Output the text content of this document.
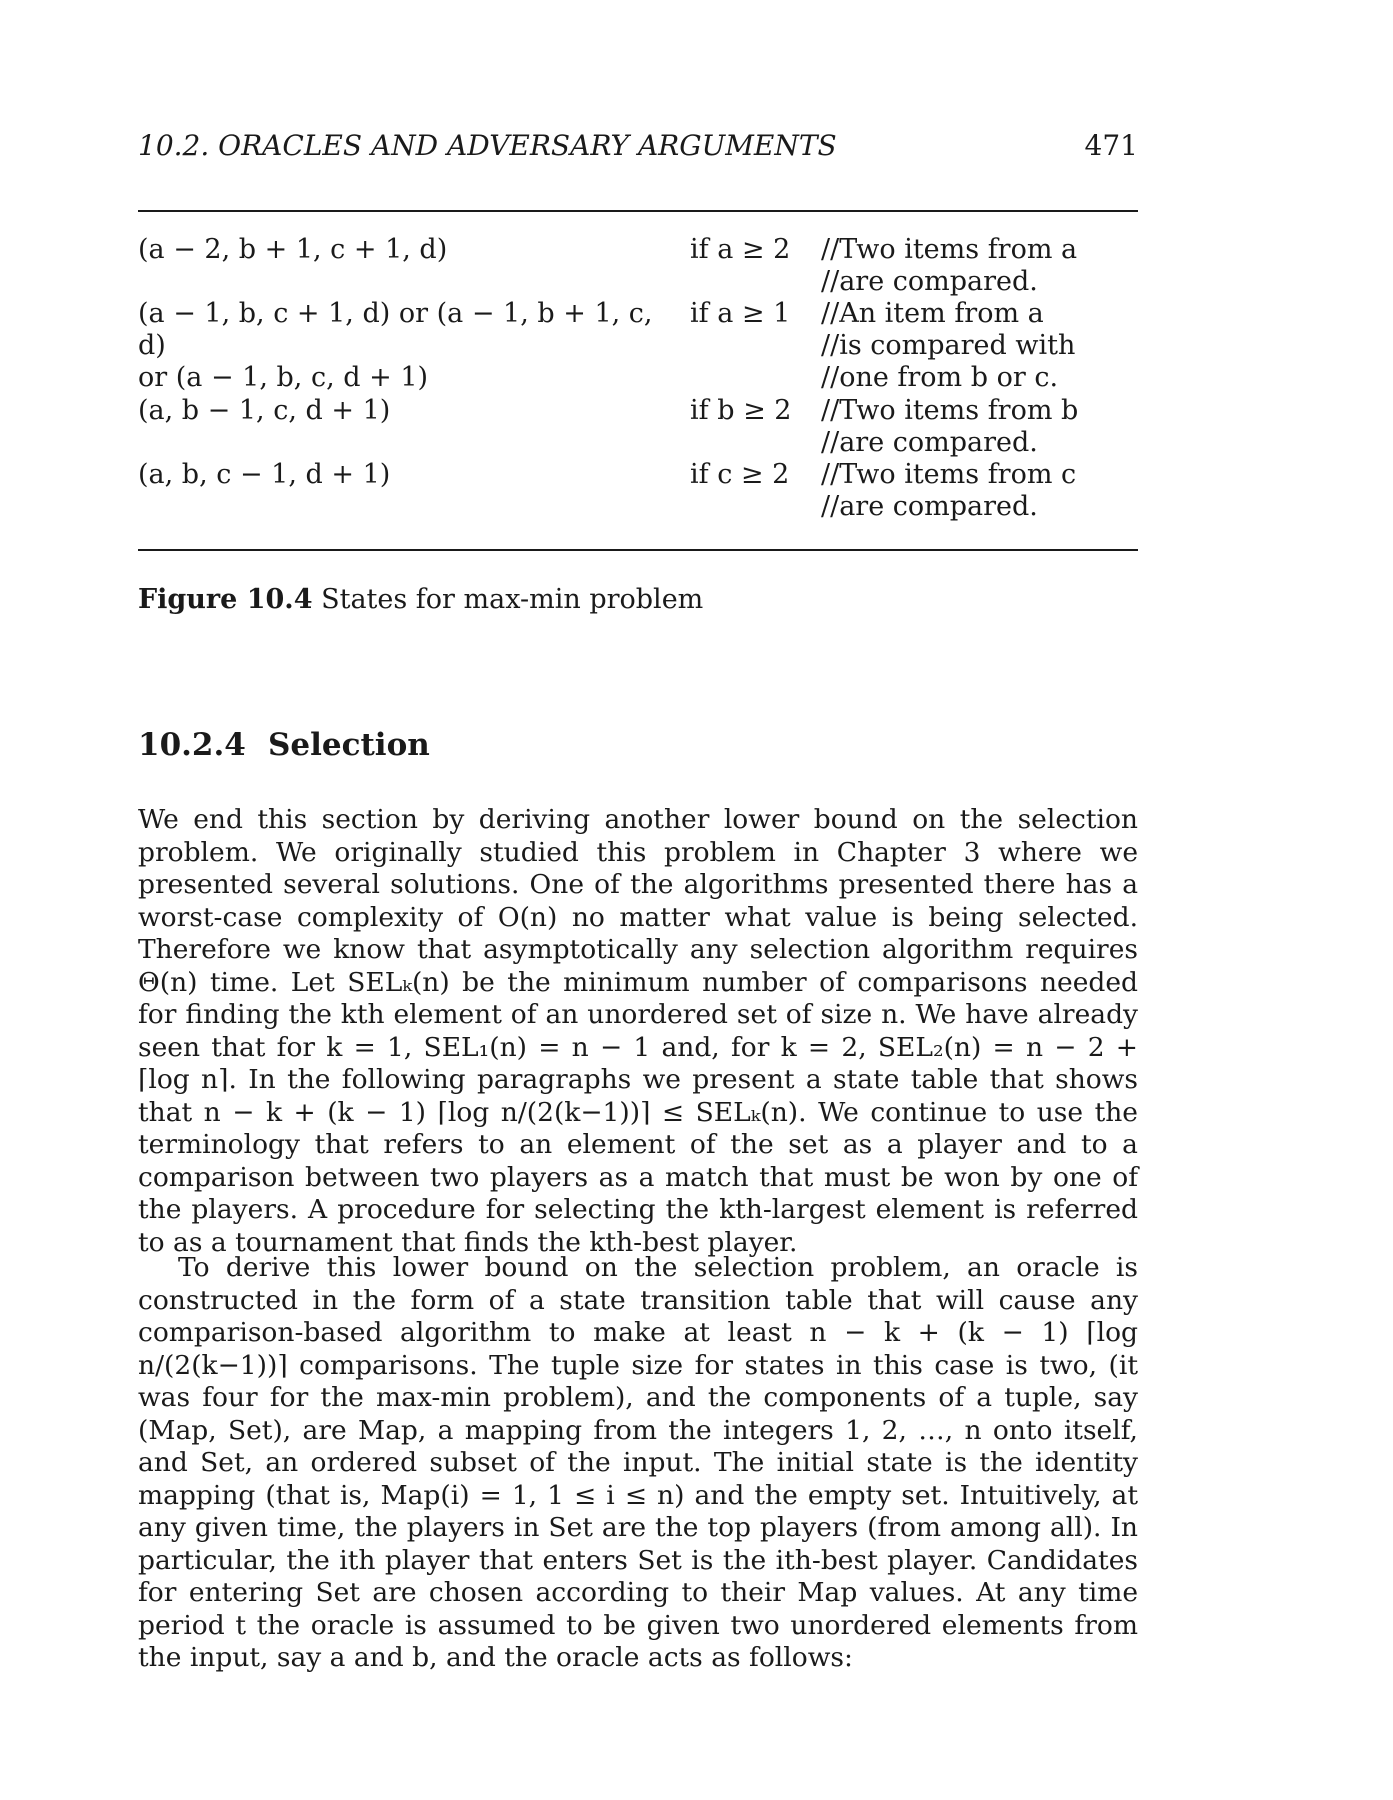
10.2. ORACLES AND ADVERSARY ARGUMENTS	471
(a − 2, b + 1, c + 1, d)	if a ≥ 2	//Two items from a
//are compared.
(a − 1, b, c + 1, d) or (a − 1, b + 1, c, d)
or (a − 1, b, c, d + 1)
if a ≥ 1	//An item from a
//is compared with
//one from b or c.
(a, b − 1, c, d + 1)	if b ≥ 2	//Two items from b
//are compared.
(a, b, c − 1, d + 1)	if c ≥ 2	//Two items from c
//are compared.
Figure 10.4 States for max-min problem
10.2.4 Selection

We end this section by deriving another lower bound on the selection problem. We originally studied this problem in Chapter 3 where we presented several solutions. One of the algorithms presented there has a worst-case complexity of O(n) no matter what value is being selected. Therefore we know that asymptotically any selection algorithm requires Θ(n) time. Let SELₖ(n) be the minimum number of comparisons needed for finding the kth element of an unordered set of size n. We have already seen that for k = 1, SEL₁(n) = n − 1 and, for k = 2, SEL₂(n) = n − 2 + ⌈log n⌉. In the following paragraphs we present a state table that shows that n − k + (k − 1) ⌈log n/(2(k−1))⌉ ≤ SELₖ(n). We continue to use the terminology that refers to an element of the set as a player and to a comparison between two players as a match that must be won by one of the players. A procedure for selecting the kth-largest element is referred to as a tournament that finds the kth-best player.

To derive this lower bound on the selection problem, an oracle is constructed in the form of a state transition table that will cause any comparison-based algorithm to make at least n − k + (k − 1) ⌈log n/(2(k−1))⌉ comparisons. The tuple size for states in this case is two, (it was four for the max-min problem), and the components of a tuple, say (Map, Set), are Map, a mapping from the integers 1, 2, …, n onto itself, and Set, an ordered subset of the input. The initial state is the identity mapping (that is, Map(i) = 1, 1 ≤ i ≤ n) and the empty set. Intuitively, at any given time, the players in Set are the top players (from among all). In particular, the ith player that enters Set is the ith-best player. Candidates for entering Set are chosen according to their Map values. At any time period t the oracle is assumed to be given two unordered elements from the input, say a and b, and the oracle acts as follows:
